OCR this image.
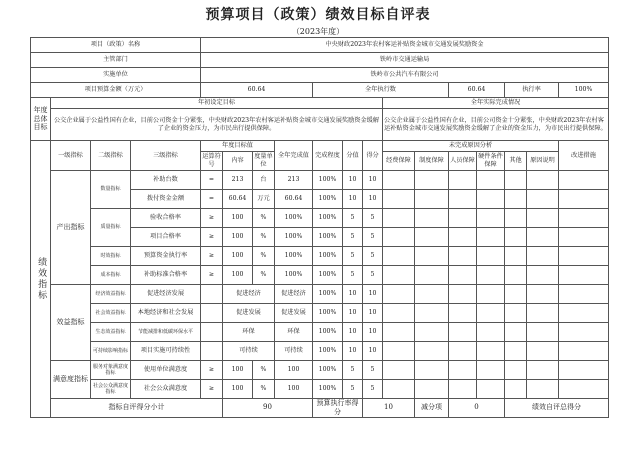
预算项目（政策）绩效目标自评表
（2023年度）
项目（政策）名称				中央财政2023年农村客运补贴资金城市交通发展奖励资金														
主管部门				铁岭市交通运输局														
实施单位				铁岭市公共汽车有限公司														
项目预算金额（万元）				60.64				全年执行数					60.64		执行率		100%	
年度总体目标	年初设定目标										全年实际完成情况							
	公交企业属于公益性国有企业，目前公司资金十分紧张，中央财政2023年农村客运补贴资金城市交通发展奖励资金缓解了企业的资金压力，为市民出行提供保障。										公交企业属于公益性国有企业，目前公司资金十分紧张，中央财政2023年农村客运补贴资金城市交通发展奖励资金缓解了企业的资金压力，为市民出行提供保障。							
绩效指标	一级指标	二级指标	三级指标	年度目标值			全年完成值	完成程度	分值	得分	未完成原因分析						改进措施	
				运算符号	内容	度量单位					经费保障	制度保障	人员保障	硬件条件保障	其他	原因说明		
	产出指标	数量指标	补助台数	=	213	台	213	100%	10	10								
			拨付资金金额	=	60.64	万元	60.64	100%	10	10								
		质量指标	验收合格率	≥	100	%	100%	100%	5	5								
			项目合格率	≥	100	%	100%	100%	5	5								
		时效指标	预算资金执行率	≥	100	%	100%	100%	5	5								
		成本指标	补助标准合格率	≥	100	%	100%	100%	5	5								
	效益指标	经济效益指标	促进经济发展		促进经济		促进经济	100%	10	10								
		社会效益指标	本地经济和社会发展		促进发展		促进发展	100%	10	10								
		生态效益指标	节能减排和低碳环保水平		环保		环保	100%	10	10								
		可持续影响指标	项目实施可持续性		可持续		可持续	100%	10	10								
	满意度指标	服务对象满意度指标	使用单位满意度	≥	100	%	100	100%	5	5								
		社会公众满意度指标	社会公众满意度	≥	100	%	100	100%	5	5								
	指标自评得分小计				90			预算执行率得分		10		减分项	0		绩效自评总得分	
